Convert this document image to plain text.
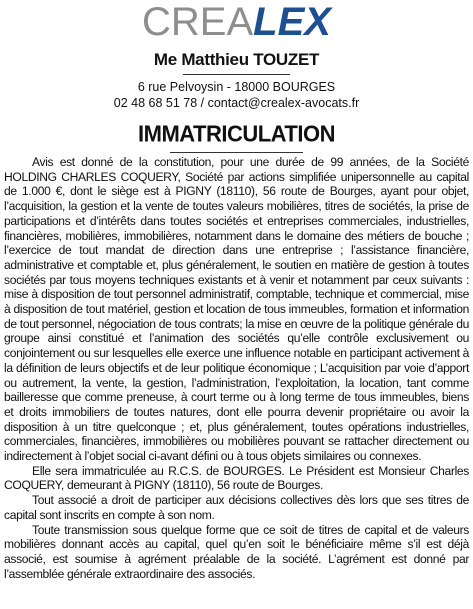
CREALEX
Me Matthieu TOUZET
6 rue Pelvoysin - 18000 BOURGES
02 48 68 51 78 / contact@crealex-avocats.fr
IMMATRICULATION

Avis est donné de la constitution, pour une durée de 99 années, de la Société HOLDING CHARLES COQUERY, Société par actions simplifiée unipersonnelle au capital de 1.000 €, dont le siège est à PIGNY (18110), 56 route de Bourges, ayant pour objet, l’acquisition, la gestion et la vente de toutes valeurs mobilières, titres de sociétés, la prise de participations et d’intérêts dans toutes sociétés et entreprises commerciales, industrielles, financières, mobilières, immobilières, notamment dans le domaine des métiers de bouche ; l’exercice de tout mandat de direction dans une entreprise ; l’assistance financière, administrative et comptable et, plus généralement, le soutien en matière de gestion à toutes sociétés par tous moyens techniques existants et à venir et notamment par ceux suivants : mise à disposition de tout personnel administratif, comptable, technique et commercial, mise à disposition de tout matériel, gestion et location de tous immeubles, formation et information de tout personnel, négociation de tous contrats; la mise en œuvre de la politique générale du groupe ainsi constitué et l’animation des sociétés qu’elle contrôle exclusivement ou conjointement ou sur lesquelles elle exerce une influence notable en participant activement à la définition de leurs objectifs et de leur politique économique ; L’acquisition par voie d’apport ou autrement, la vente, la gestion, l’administration, l’exploitation, la location, tant comme bailleresse que comme preneuse, à court terme ou à long terme de tous immeubles, biens et droits immobiliers de toutes natures, dont elle pourra devenir propriétaire ou avoir la disposition à un titre quelconque ; et, plus généralement, toutes opérations industrielles, commerciales, financières, immobilières ou mobilières pouvant se rattacher directement ou indirectement à l’objet social ci-avant défini ou à tous objets similaires ou connexes.

Elle sera immatriculée au R.C.S. de BOURGES. Le Président est Monsieur Charles COQUERY, demeurant à PIGNY (18110), 56 route de Bourges.

Tout associé a droit de participer aux décisions collectives dès lors que ses titres de capital sont inscrits en compte à son nom.

Toute transmission sous quelque forme que ce soit de titres de capital et de valeurs mobilières donnant accès au capital, quel qu’en soit le bénéficiaire même s’il est déjà associé, est soumise à agrément préalable de la société. L’agrément est donné par l’assemblée générale extraordinaire des associés.
